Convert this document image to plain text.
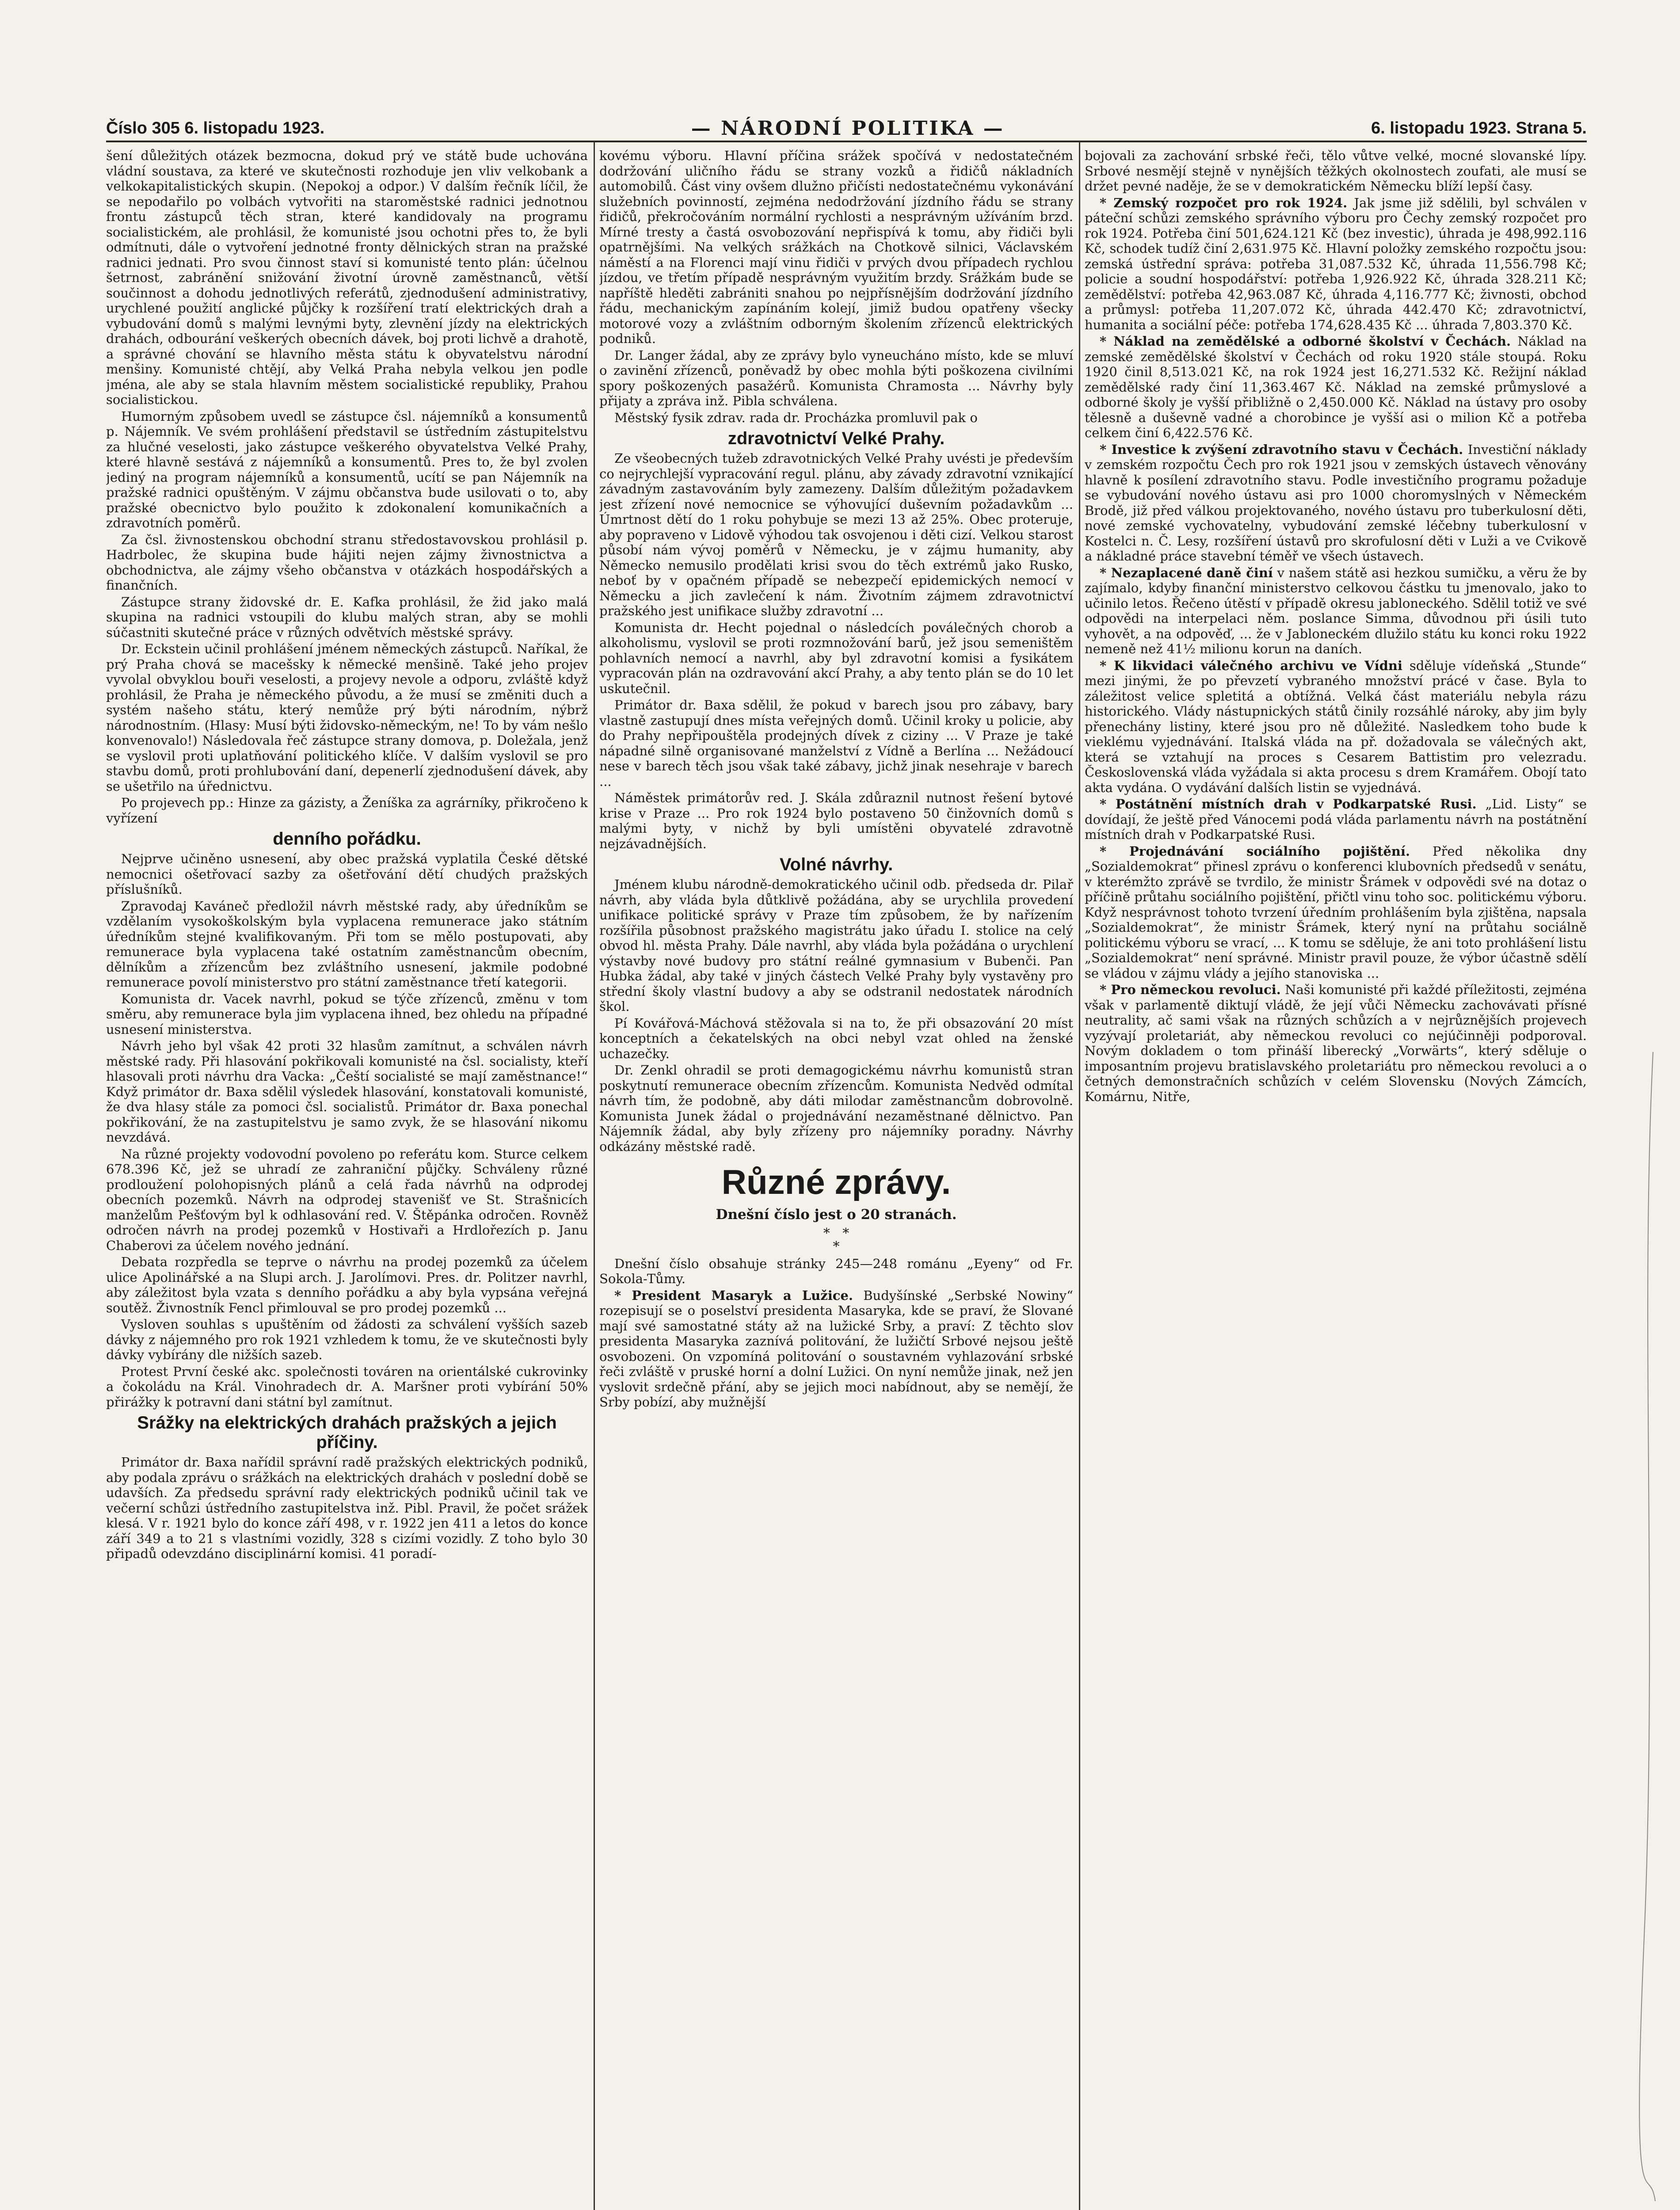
Číslo 305 6. listopadu 1923.	— NÁRODNÍ POLITIKA —	6. listopadu 1923. Strana 5.

šení důležitých otázek bezmocna, dokud prý ve státě bude uchována vládní soustava, za které ve skutečnosti rozhoduje jen vliv velkobank a velkokapitalistických skupin. (Nepokoj a odpor.) V dalším řečník líčil, že se nepodařilo po volbách vytvořiti na staroměstské radnici jednotnou frontu zástupců těch stran, které kandidovaly na programu socialistickém, ale prohlásil, že komunisté jsou ochotni přes to, že byli odmítnuti, dále o vytvoření jednotné fronty dělnických stran na pražské radnici jednati. Pro svou činnost staví si komunisté tento plán: účelnou šetrnost, zabránění snižování životní úrovně zaměstnanců, větší součinnost a dohodu jednotlivých referátů, zjednodušení administrativy, urychlené použití anglické půjčky k rozšíření tratí elektrických drah a vybudování domů s malými levnými byty, zlevnění jízdy na elektrických drahách, odbourání veškerých obecních dávek, boj proti lichvě a drahotě, a správné chování se hlavního města státu k obyvatelstvu národní menšiny. Komunisté chtějí, aby Velká Praha nebyla velkou jen podle jména, ale aby se stala hlavním městem socialistické republiky, Prahou socialistickou.

Humorným způsobem uvedl se zástupce čsl. nájemníků a konsumentů p. Nájemník. Ve svém prohlášení představil se ústředním zástupitelstvu za hlučné veselosti, jako zástupce veškerého obyvatelstva Velké Prahy, které hlavně sestává z nájemníků a konsumentů. Pres to, že byl zvolen jediný na program nájemníků a konsumentů, ucítí se pan Nájemník na pražské radnici opuštěným. V zájmu občanstva bude usilovati o to, aby pražské obecnictvo bylo použito k zdokonalení komunikačních a zdravotních poměrů.

Za čsl. živnostenskou obchodní stranu středostavovskou prohlásil p. Hadrbolec, že skupina bude hájiti nejen zájmy živnostnictva a obchodnictva, ale zájmy všeho občanstva v otázkách hospodářských a finančních.

Zástupce strany židovské dr. E. Kafka prohlásil, že žid jako malá skupina na radnici vstoupili do klubu malých stran, aby se mohli súčastniti skutečné práce v různých odvětvích městské správy.

Dr. Eckstein učinil prohlášení jménem německých zástupců. Naříkal, že prý Praha chová se macešsky k německé menšině. Také jeho projev vyvolal obvyklou bouři veselosti, a projevy nevole a odporu, zvláště když prohlásil, že Praha je německého původu, a že musí se změniti duch a systém našeho státu, který nemůže prý býti národním, nýbrž národnostním. (Hlasy: Musí býti židovsko-německým, ne! To by vám nešlo konvenovalo!) Následovala řeč zástupce strany domova, p. Doležala, jenž se vyslovil proti uplatňování politického klíče. V dalším vyslovil se pro stavbu domů, proti prohlubování daní, depenerlí zjednodušení dávek, aby se ušetřilo na úřednictvu.

Po projevech pp.: Hinze za gázisty, a Ženíška za agrárníky, přikročeno k vyřízení

denního pořádku.

Nejprve učiněno usnesení, aby obec pražská vyplatila České dětské nemocnici ošetřovací sazby za ošetřování dětí chudých pražských příslušníků.

Zpravodaj Kaváneč předložil návrh městské rady, aby úředníkům se vzdělaním vysokoškolským byla vyplacena remunerace jako státním úředníkům stejné kvalifikovaným. Při tom se mělo postupovati, aby remunerace byla vyplacena také ostatním zaměstnancům obecním, dělníkům a zřízencům bez zvláštního usnesení, jakmile podobné remunerace povolí ministerstvo pro státní zaměstnance třetí kategorii.

Komunista dr. Vacek navrhl, pokud se týče zřízenců, změnu v tom směru, aby remunerace byla jim vyplacena ihned, bez ohledu na případné usnesení ministerstva.

Návrh jeho byl však 42 proti 32 hlasům zamítnut, a schválen návrh městské rady. Při hlasování pokřikovali komunisté na čsl. socialisty, kteří hlasovali proti návrhu dra Vacka: „Čeští socialisté se mají zaměstnance!“ Když primátor dr. Baxa sdělil výsledek hlasování, konstatovali komunisté, že dva hlasy stále za pomoci čsl. socialistů. Primátor dr. Baxa ponechal pokřikování, že na zastupitelstvu je samo zvyk, že se hlasování nikomu nevzdává.

Na různé projekty vodovodní povoleno po referátu kom. Sturce celkem 678.396 Kč, jež se uhradí ze zahraniční půjčky. Schváleny různé prodloužení polohopisných plánů a celá řada návrhů na odprodej obecních pozemků. Návrh na odprodej stavenišť ve St. Strašnicích manželům Pešťovým byl k odhlasování red. V. Štěpánka odročen. Rovněž odročen návrh na prodej pozemků v Hostivaři a Hrdlořezích p. Janu Chaberovi za účelem nového jednání.

Debata rozpředla se teprve o návrhu na prodej pozemků za účelem ulice Apolinářské a na Slupi arch. J. Jarolímovi. Pres. dr. Politzer navrhl, aby záležitost byla vzata s denního pořádku a aby byla vypsána veřejná soutěž. Živnostník Fencl přimlouval se pro prodej pozemků ...

Vysloven souhlas s upuštěním od žádosti za schválení vyšších sazeb dávky z nájemného pro rok 1921 vzhledem k tomu, že ve skutečnosti byly dávky vybírány dle nižších sazeb.

Protest První české akc. společnosti továren na orientálské cukrovinky a čokoládu na Král. Vinohradech dr. A. Maršner proti vybírání 50% přirážky k potravní dani státní byl zamítnut.

Srážky na elektrických drahách pražských a jejich příčiny.

Primátor dr. Baxa nařídil správní radě pražských elektrických podniků, aby podala zprávu o srážkách na elektrických drahách v poslední době se udavších. Za předsedu správní rady elektrických podniků učinil tak ve večerní schůzi ústředního zastupitelstva inž. Pibl. Pravil, že počet srážek klesá. V r. 1921 bylo do konce září 498, v r. 1922 jen 411 a letos do konce září 349 a to 21 s vlastními vozidly, 328 s cizími vozidly. Z toho bylo 30 připadů odevzdáno disciplinární komisi. 41 poradí-

kovému výboru. Hlavní příčina srážek spočívá v nedostatečném dodržování uličního řádu se strany vozků a řidičů nákladních automobilů. Část viny ovšem dlužno přičísti nedostatečnému vykonávání služebních povinností, zejména nedodržování jízdního řádu se strany řidičů, překročováním normální rychlosti a nesprávným užíváním brzd. Mírné tresty a častá osvobozování nepřispívá k tomu, aby řidiči byli opatrnějšími. Na velkých srážkách na Chotkově silnici, Václavském náměstí a na Florenci mají vinu řidiči v prvých dvou případech rychlou jízdou, ve třetím případě nesprávným využitím brzdy. Srážkám bude se napříště hleděti zabrániti snahou po nejpřísnějším dodržování jízdního řádu, mechanickým zapínáním kolejí, jimiž budou opatřeny všecky motorové vozy a zvláštním odborným školením zřízenců elektrických podniků.

Dr. Langer žádal, aby ze zprávy bylo vyneucháno místo, kde se mluví o zavinění zřízenců, poněvadž by obec mohla býti poškozena civilními spory poškozených pasažérů. Komunista Chramosta ... Návrhy byly přijaty a zpráva inž. Pibla schválena.

Městský fysik zdrav. rada dr. Procházka promluvil pak o

zdravotnictví Velké Prahy.

Ze všeobecných tužeb zdravotnických Velké Prahy uvésti je především co nejrychlejší vypracování regul. plánu, aby závady zdravotní vznikající závadným zastavováním byly zamezeny. Dalším důležitým požadavkem jest zřízení nové nemocnice se výhovující duševním požadavkům ... Úmrtnost dětí do 1 roku pohybuje se mezi 13 až 25%. Obec proteruje, aby popraveno v Lidově výhodou tak osvojenou i děti cizí. Velkou starost působí nám vývoj poměrů v Německu, je v zájmu humanity, aby Německo nemusilo prodělati krisi svou do těch extrémů jako Rusko, neboť by v opačném případě se nebezpečí epidemických nemocí v Německu a jich zavlečení k nám. Životním zájmem zdravotnictví pražského jest unifikace služby zdravotní ...

Komunista dr. Hecht pojednal o následcích poválečných chorob a alkoholismu, vyslovil se proti rozmnožování barů, jež jsou semeništěm pohlavních nemocí a navrhl, aby byl zdravotní komisi a fysikátem vypracován plán na ozdravování akcí Prahy, a aby tento plán se do 10 let uskutečnil.

Primátor dr. Baxa sdělil, že pokud v barech jsou pro zábavy, bary vlastně zastupují dnes místa veřejných domů. Učinil kroky u policie, aby do Prahy nepřipouštěla prodejných dívek z ciziny ... V Praze je také nápadné silně organisované manželství z Vídně a Berlína ... Nežádoucí nese v barech těch jsou však také zábavy, jichž jinak nesehraje v barech ...

Náměstek primátorův red. J. Skála zdůraznil nutnost řešení bytové krise v Praze ... Pro rok 1924 bylo postaveno 50 činžovních domů s malými byty, v nichž by byli umístěni obyvatelé zdravotně nejzávadnějších.

Volné návrhy.

Jménem klubu národně-demokratického učinil odb. předseda dr. Pilař návrh, aby vláda byla důtklivě požádána, aby se urychlila provedení unifikace politické správy v Praze tím způsobem, že by nařízením rozšířila působnost pražského magistrátu jako úřadu I. stolice na celý obvod hl. města Prahy. Dále navrhl, aby vláda byla požádána o urychlení výstavby nové budovy pro státní reálné gymnasium v Bubenči. Pan Hubka žádal, aby také v jiných částech Velké Prahy byly vystavěny pro střední školy vlastní budovy a aby se odstranil nedostatek národních škol.

Pí Kovářová-Máchová stěžovala si na to, že při obsazování 20 míst konceptních a čekatelských na obci nebyl vzat ohled na ženské uchazečky.

Dr. Zenkl ohradil se proti demagogickému návrhu komunistů stran poskytnutí remunerace obecním zřízencům. Komunista Nedvěd odmítal návrh tím, že podobně, aby dáti milodar zaměstnancům dobrovolně. Komunista Junek žádal o projednávání nezaměstnané dělnictvo. Pan Nájemník žádal, aby byly zřízeny pro nájemníky poradny. Návrhy odkázány městské radě.

Různé zprávy.
Dnešní číslo jest o 20 stranách.
*   *
*

Dnešní číslo obsahuje stránky 245—248 románu „Eyeny“ od Fr. Sokola-Tůmy.

* President Masaryk a Lužice. Budyšínské „Serbské Nowiny“ rozepisují se o poselství presidenta Masaryka, kde se praví, že Slované mají své samostatné státy až na lužické Srby, a praví: Z těchto slov presidenta Masaryka zaznívá politování, že lužičtí Srbové nejsou ještě osvobozeni. On vzpomíná politování o soustavném vyhlazování srbské řeči zvláště v pruské horní a dolní Lužici. On nyní nemůže jinak, než jen vyslovit srdečně přání, aby se jejich moci nabídnout, aby se nemějí, že Srby pobízí, aby mužnější

bojovali za zachování srbské řeči, tělo vůtve velké, mocné slovanské lípy. Srbové nesmějí stejně v nynějších těžkých okolnostech zoufati, ale musí se držet pevné naděje, že se v demokratickém Německu blíží lepší časy.

* Zemský rozpočet pro rok 1924. Jak jsme již sdělili, byl schválen v páteční schůzi zemského správního výboru pro Čechy zemský rozpočet pro rok 1924. Potřeba činí 501,624.121 Kč (bez investic), úhrada je 498,992.116 Kč, schodek tudíž činí 2,631.975 Kč. Hlavní položky zemského rozpočtu jsou: zemská ústřední správa: potřeba 31,087.532 Kč, úhrada 11,556.798 Kč; policie a soudní hospodářství: potřeba 1,926.922 Kč, úhrada 328.211 Kč; zemědělství: potřeba 42,963.087 Kč, úhrada 4,116.777 Kč; živnosti, obchod a průmysl: potřeba 11,207.072 Kč, úhrada 442.470 Kč; zdravotnictví, humanita a sociální péče: potřeba 174,628.435 Kč ... úhrada 7,803.370 Kč.

* Náklad na zemědělské a odborné školství v Čechách. Náklad na zemské zemědělské školství v Čechách od roku 1920 stále stoupá. Roku 1920 činil 8,513.021 Kč, na rok 1924 jest 16,271.532 Kč. Režijní náklad zemědělské rady činí 11,363.467 Kč. Náklad na zemské průmyslové a odborné školy je vyšší přibližně o 2,450.000 Kč. Náklad na ústavy pro osoby tělesně a duševně vadné a chorobince je vyšší asi o milion Kč a potřeba celkem činí 6,422.576 Kč.

* Investice k zvýšení zdravotního stavu v Čechách. Investiční náklady v zemském rozpočtu Čech pro rok 1921 jsou v zemských ústavech věnovány hlavně k posílení zdravotního stavu. Podle investičního programu požaduje se vybudování nového ústavu asi pro 1000 choromyslných v Německém Brodě, již před válkou projektovaného, nového ústavu pro tuberkulosní děti, nové zemské vychovatelny, vybudování zemské léčebny tuberkulosní v Kostelci n. Č. Lesy, rozšíření ústavů pro skrofulosní děti v Luži a ve Cvikově a nákladné práce stavební téměř ve všech ústavech.

* Nezaplacené daně činí v našem státě asi hezkou sumičku, a věru že by zajímalo, kdyby finanční ministerstvo celkovou částku tu jmenovalo, jako to učinilo letos. Řečeno útěstí v případě okresu jabloneckého. Sdělil totiž ve své odpovědi na interpelaci něm. poslance Simma, důvodnou při úsili tuto vyhovět, a na odpověď, ... že v Jabloneckém dlužilo státu ku konci roku 1922 nemeně než 41½ milionu korun na daních.

* K likvidaci válečného archivu ve Vídni sděluje vídeňská „Stunde“ mezi jinými, že po převzetí vybraného množství prácé v čase. Byla to záležitost velice spletitá a obtížná. Velká část materiálu nebyla rázu historického. Vlády nástupnických států činily rozsáhlé nároky, aby jim byly přenechány listiny, které jsou pro ně důležité. Nasledkem toho bude k vieklému vyjednávání. Italská vláda na př. dožadovala se válečných akt, která se vztahují na proces s Cesarem Battistim pro velezradu. Československá vláda vyžádala si akta procesu s drem Kramářem. Obojí tato akta vydána. O vydávání dalších listin se vyjednává.

* Postátnění místních drah v Podkarpatské Rusi. „Lid. Listy“ se dovídají, že ještě před Vánocemi podá vláda parlamentu návrh na postátnění místních drah v Podkarpatské Rusi.

* Projednávání sociálního pojištění. Před několika dny „Sozialdemokrat“ přinesl zprávu o konferenci klubovních předsedů v senátu, v kterémžto zprávě se tvrdilo, že ministr Šrámek v odpovědi své na dotaz o příčině průtahu sociálního pojištění, přičtl vinu toho soc. politickému výboru. Když nesprávnost tohoto tvrzení úředním prohlášením byla zjištěna, napsala „Sozialdemokrat“, že ministr Šrámek, který nyní na průtahu sociálně politickému výboru se vrací, ... K tomu se sděluje, že ani toto prohlášení listu „Sozialdemokrat“ není správné. Ministr pravil pouze, že výbor účastně sdělí se vládou v zájmu vlády a jejího stanoviska ...

* Pro německou revoluci. Naši komunisté při každé příležitosti, zejména však v parlamentě diktují vládě, že její vůči Německu zachovávati přísné neutrality, ač sami však na různých schůzích a v nejrůznějších projevech vyzývají proletariát, aby německou revoluci co nejúčinněji podporoval. Novým dokladem o tom přináší liberecký „Vorwärts“, který sděluje o imposantním projevu bratislavského proletariátu pro německou revoluci a o četných demonstračních schůzích v celém Slovensku (Nových Zámcích, Komárnu, Nitře,
